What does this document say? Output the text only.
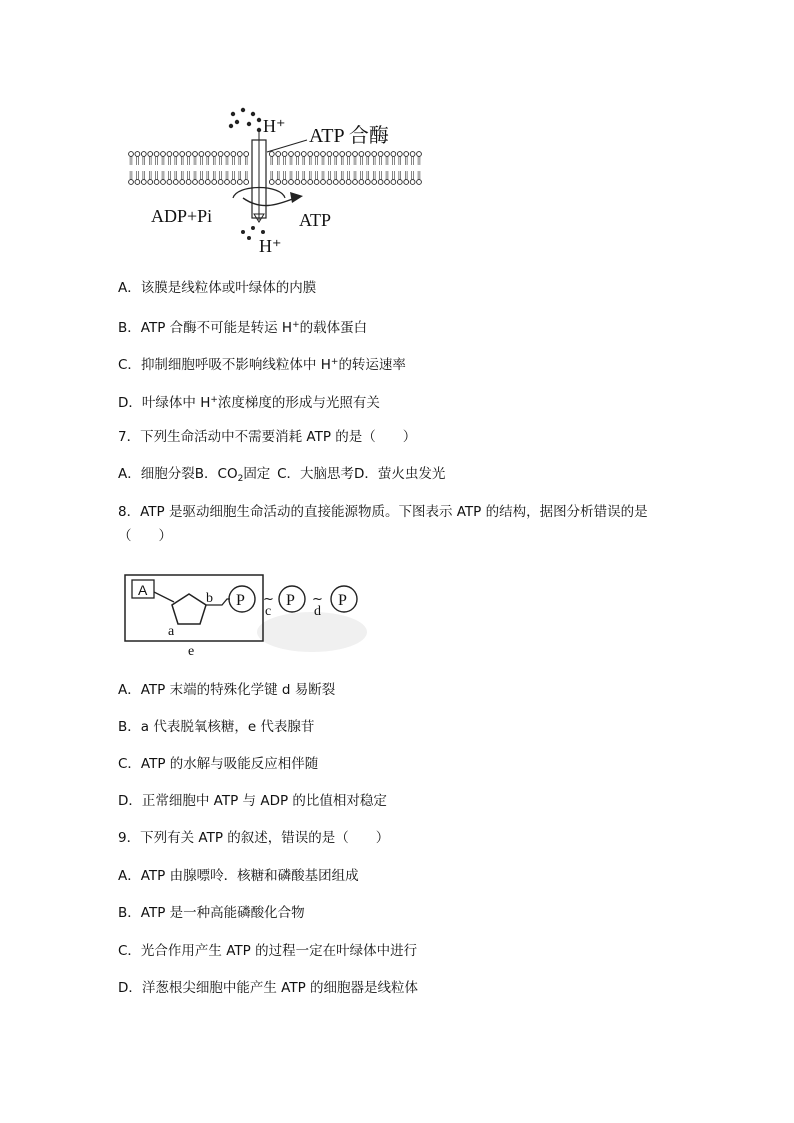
H⁺ ATP 合酶
ADP+Pi	ATP
H⁺
A．该膜是线粒体或叶绿体的内膜
B．ATP 合酶不可能是转运 H+的载体蛋白
C．抑制细胞呼吸不影响线粒体中 H+的转运速率
D．叶绿体中 H+浓度梯度的形成与光照有关
7．下列生命活动中不需要消耗 ATP 的是（　　）
A．细胞分裂B．$CO_2$固定  C．大脑思考D．萤火虫发光
8．ATP 是驱动细胞生命活动的直接能源物质。下图表示 ATP 的结构，据图分析错误的是
（　　）
A
b
a
P	P	P
~
c
~
d
e
A．ATP 末端的特殊化学键 d 易断裂
B．a 代表脱氧核糖，e 代表腺苷
C．ATP 的水解与吸能反应相伴随
D．正常细胞中 ATP 与 ADP 的比值相对稳定
9．下列有关 ATP 的叙述，错误的是（　　）
A．ATP 由腺嘌呤．核糖和磷酸基团组成
B．ATP 是一种高能磷酸化合物
C．光合作用产生 ATP 的过程一定在叶绿体中进行
D．洋葱根尖细胞中能产生 ATP 的细胞器是线粒体
